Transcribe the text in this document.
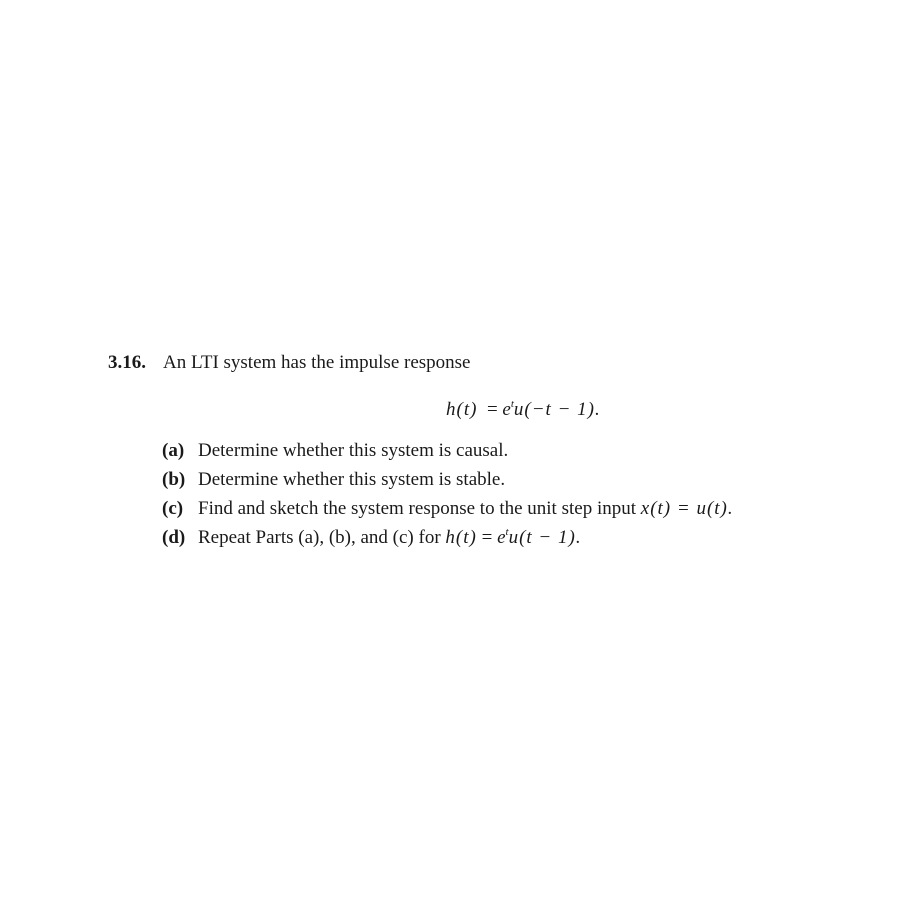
3.16. An LTI system has the impulse response
$h(t) = e^tu(-t - 1)$.
(a) Determine whether this system is causal.
(b) Determine whether this system is stable.
(c) Find and sketch the system response to the unit step input x(t) = u(t).
(d) Repeat Parts (a), (b), and (c) for $h(t) = e^tu(t - 1)$.
